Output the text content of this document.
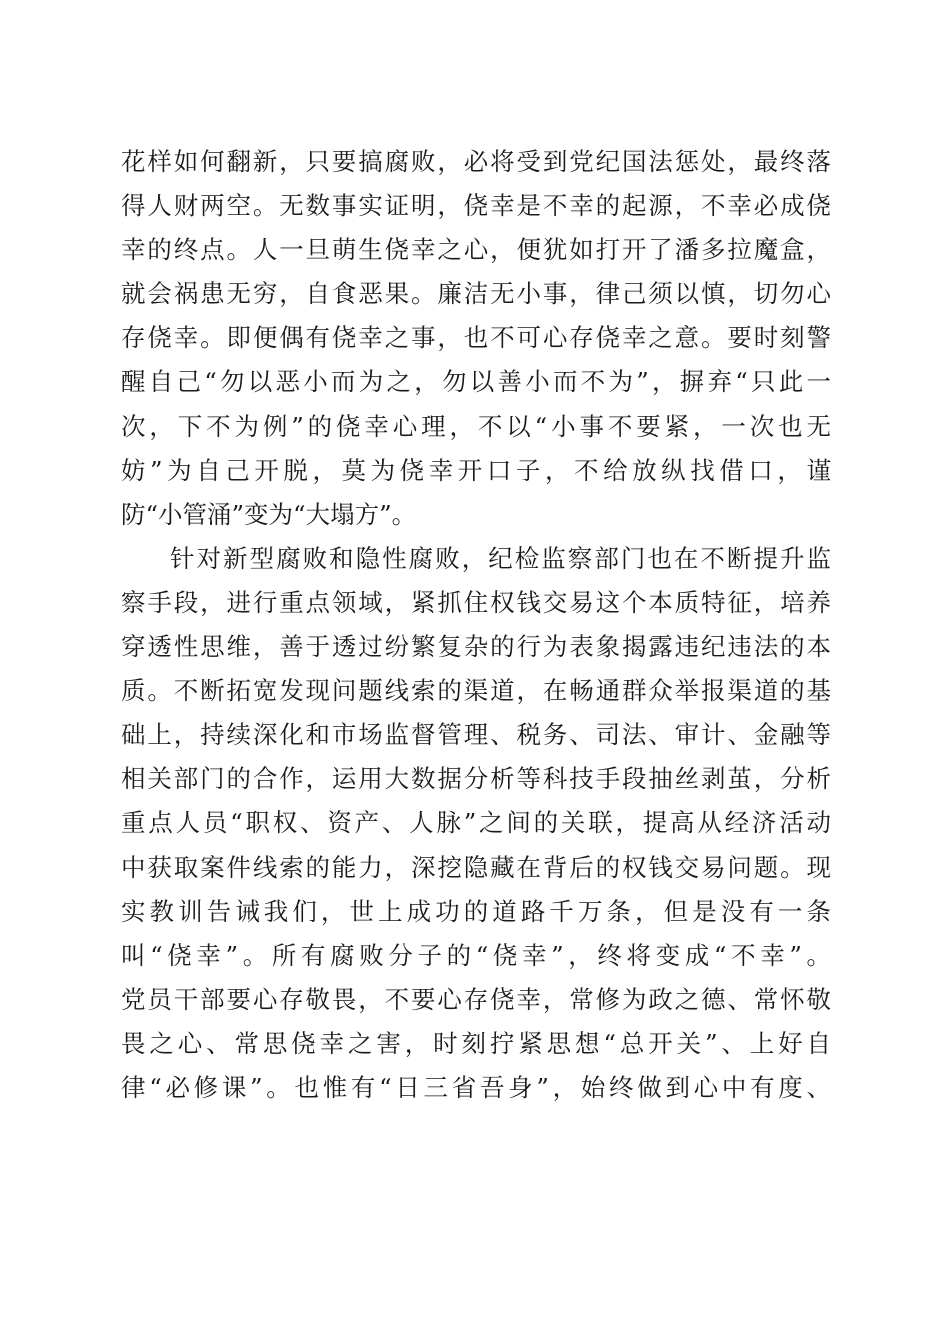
花样如何翻新，只要搞腐败，必将受到党纪国法惩处，最终落
得人财两空。无数事实证明，侥幸是不幸的起源，不幸必成侥
幸的终点。人一旦萌生侥幸之心，便犹如打开了潘多拉魔盒，
就会祸患无穷，自食恶果。廉洁无小事，律己须以慎，切勿心
存侥幸。即便偶有侥幸之事，也不可心存侥幸之意。要时刻警
醒自己“勿以恶小而为之，勿以善小而不为”，摒弃“只此一
次，下不为例”的侥幸心理，不以“小事不要紧，一次也无
妨”为自己开脱，莫为侥幸开口子，不给放纵找借口，谨
防“小管涌”变为“大塌方”。
针对新型腐败和隐性腐败，纪检监察部门也在不断提升监
察手段，进行重点领域，紧抓住权钱交易这个本质特征，培养
穿透性思维，善于透过纷繁复杂的行为表象揭露违纪违法的本
质。不断拓宽发现问题线索的渠道，在畅通群众举报渠道的基
础上，持续深化和市场监督管理、税务、司法、审计、金融等
相关部门的合作，运用大数据分析等科技手段抽丝剥茧，分析
重点人员“职权、资产、人脉”之间的关联，提高从经济活动
中获取案件线索的能力，深挖隐藏在背后的权钱交易问题。现
实教训告诫我们，世上成功的道路千万条，但是没有一条
叫“侥幸”。所有腐败分子的“侥幸”，终将变成“不幸”。
党员干部要心存敬畏，不要心存侥幸，常修为政之德、常怀敬
畏之心、常思侥幸之害，时刻拧紧思想“总开关”、上好自
律“必修课”。也惟有“日三省吾身”，始终做到心中有度、
